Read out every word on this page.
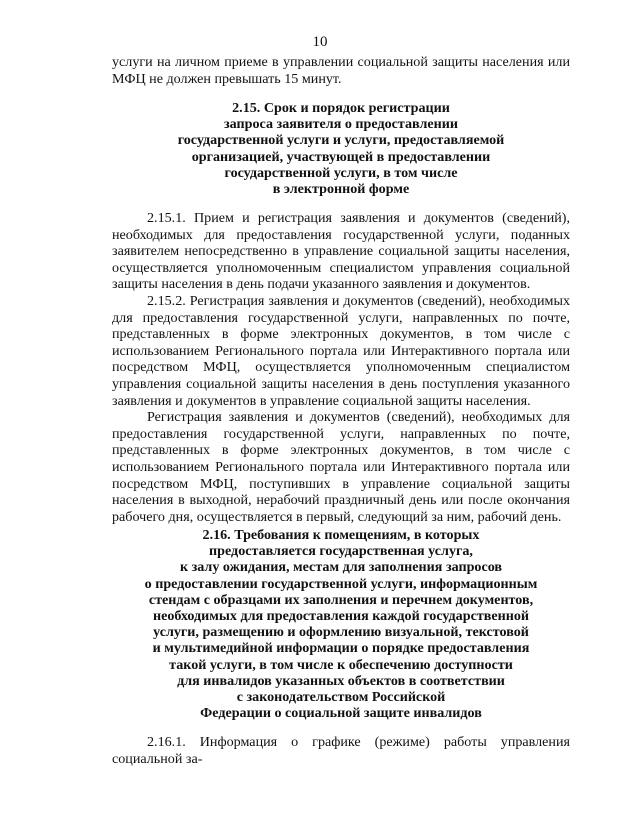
10

услуги на личном приеме в управлении социальной защиты населения или МФЦ не должен превышать 15 минут.

2.15. Срок и порядок регистрации
запроса заявителя о предоставлении
государственной услуги и услуги, предоставляемой
организацией, участвующей в предоставлении
государственной услуги, в том числе
в электронной форме

2.15.1. Прием и регистрация заявления и документов (сведений), необходимых для предоставления государственной услуги, поданных заявителем непосредственно в управление социальной защиты населения, осуществляется уполномоченным специалистом управления социальной защиты населения в день подачи указанного заявления и документов.

2.15.2. Регистрация заявления и документов (сведений), необходимых для предоставления государственной услуги, направленных по почте, представленных в форме электронных документов, в том числе с использованием Регионального портала или Интерактивного портала или посредством МФЦ, осуществляется уполномоченным специалистом управления социальной защиты населения в день поступления указанного заявления и документов в управление социальной защиты населения.

Регистрация заявления и документов (сведений), необходимых для предоставления государственной услуги, направленных по почте, представленных в форме электронных документов, в том числе с использованием Регионального портала или Интерактивного портала или посредством МФЦ, поступивших в управление социальной защиты населения в выходной, нерабочий праздничный день или после окончания рабочего дня, осуществляется в первый, следующий за ним, рабочий день.

2.16. Требования к помещениям, в которых
предоставляется государственная услуга,
к залу ожидания, местам для заполнения запросов
о предоставлении государственной услуги, информационным
стендам с образцами их заполнения и перечнем документов,
необходимых для предоставления каждой государственной
услуги, размещению и оформлению визуальной, текстовой
и мультимедийной информации о порядке предоставления
такой услуги, в том числе к обеспечению доступности
для инвалидов указанных объектов в соответствии
с законодательством Российской
Федерации о социальной защите инвалидов

2.16.1. Информация о графике (режиме) работы управления социальной за-
